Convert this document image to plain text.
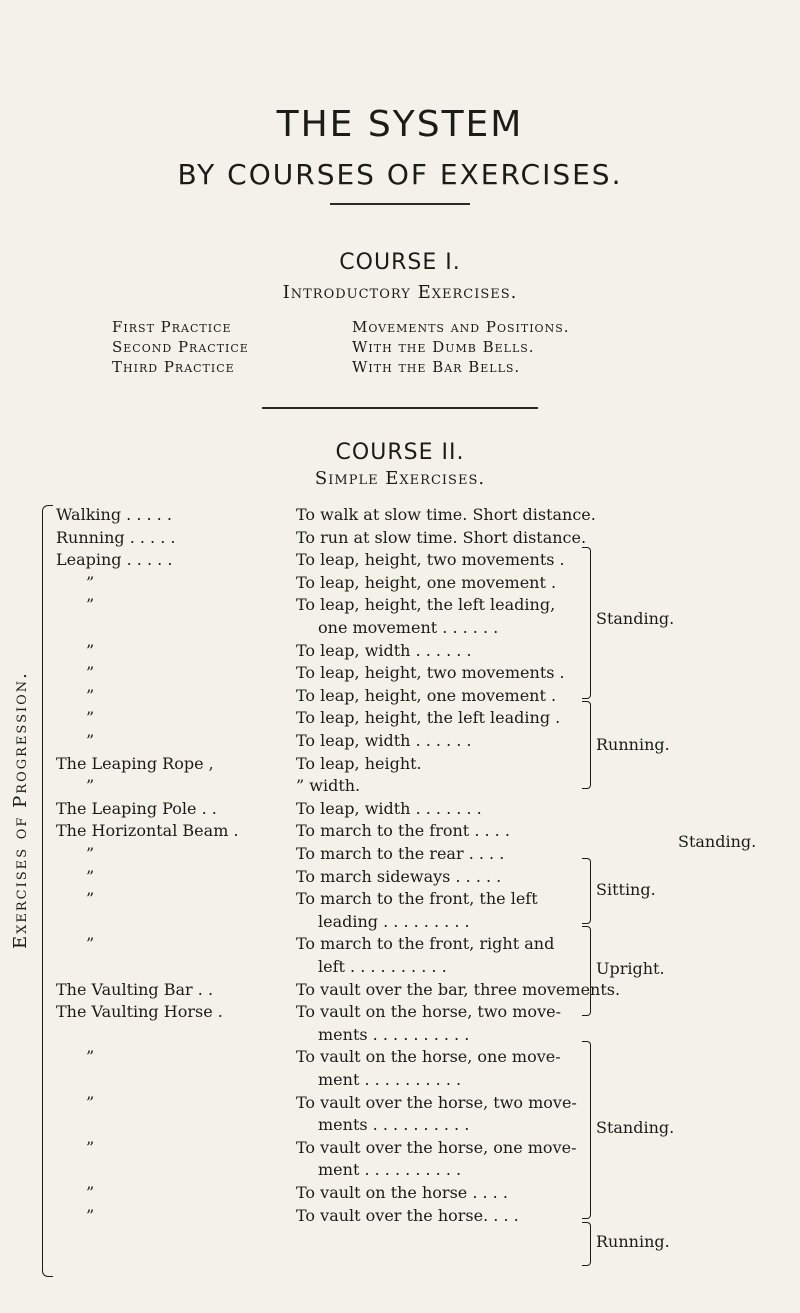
THE SYSTEM
BY COURSES OF EXERCISES.
COURSE I.
Introductory Exercises.
First Practice	Movements and Positions.
Second Practice	With the Dumb Bells.
Third Practice	With the Bar Bells.
COURSE II.
Simple Exercises.
Exercises of Progression.
Walking . . . . .	To walk at slow time. Short distance.
Running . . . . .	To run at slow time. Short distance.
Leaping . . . . .	To leap, height, two movements .
”	To leap, height, one movement .
”	To leap, height, the left leading,
one movement . . . . . .
”	To leap, width . . . . . .
”	To leap, height, two movements .
”	To leap, height, one movement .
”	To leap, height, the left leading .
”	To leap, width . . . . . .
The Leaping Rope ,	To leap, height.
”	” width.
The Leaping Pole . .	To leap, width . . . . . . .
The Horizontal Beam .	To march to the front . . . .
”	To march to the rear . . . .
”	To march sideways . . . . .
”	To march to the front, the left
leading . . . . . . . . .
”	To march to the front, right and
left . . . . . . . . . .
The Vaulting Bar . .	To vault over the bar, three movements.
The Vaulting Horse .	To vault on the horse, two move-
ments . . . . . . . . . .
”	To vault on the horse, one move-
ment . . . . . . . . . .
”	To vault over the horse, two move-
ments . . . . . . . . . .
”	To vault over the horse, one move-
ment . . . . . . . . . .
”	To vault on the horse . . . .
”	To vault over the horse. . . .
Standing.
Running.
Standing.
Sitting.
Upright.
Standing.
Running.
